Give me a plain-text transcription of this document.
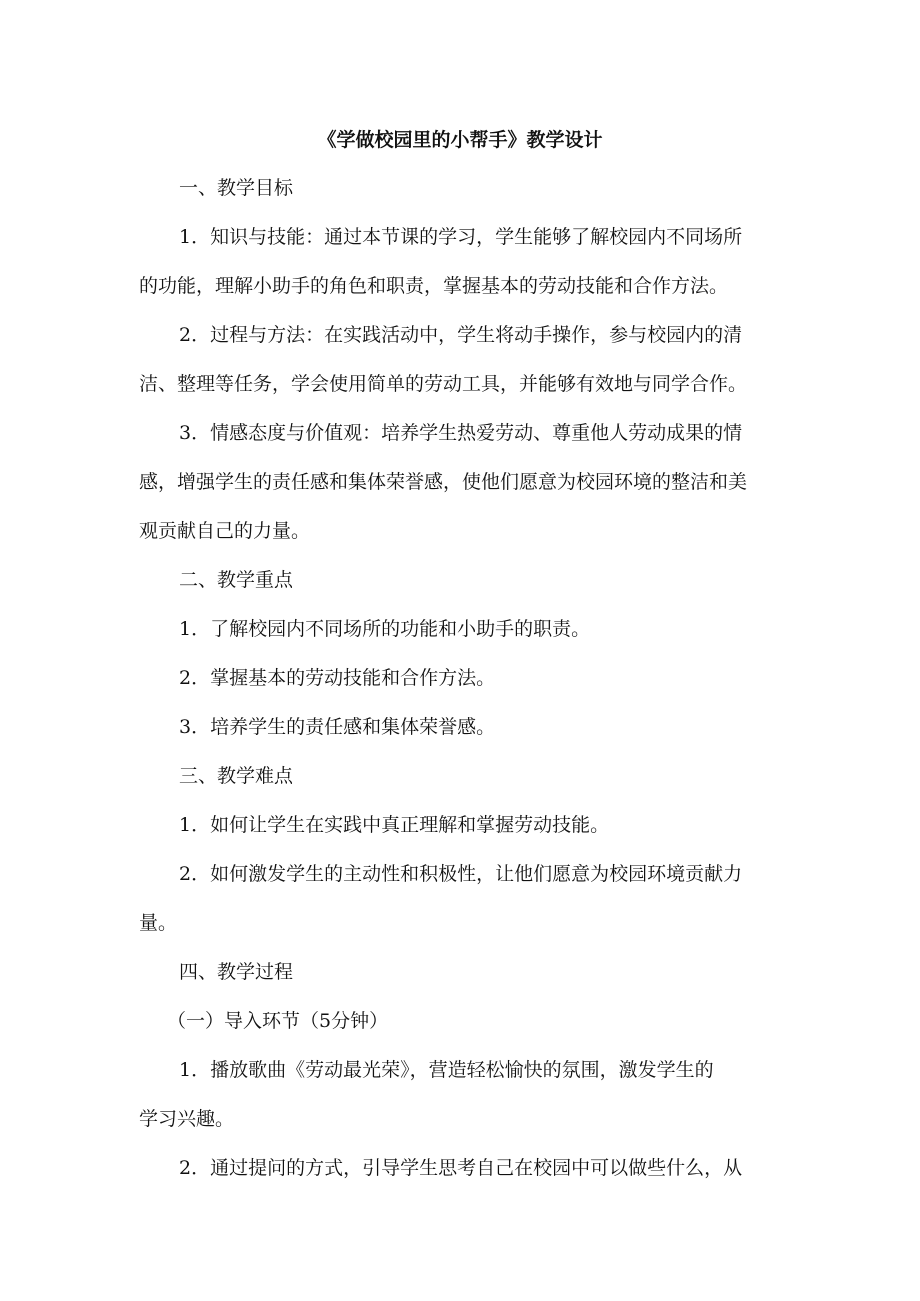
《学做校园里的小帮手》教学设计
一、教学目标
1．知识与技能：通过本节课的学习，学生能够了解校园内不同场所
的功能，理解小助手的角色和职责，掌握基本的劳动技能和合作方法。
2．过程与方法：在实践活动中，学生将动手操作，参与校园内的清
洁、整理等任务，学会使用简单的劳动工具，并能够有效地与同学合作。
3．情感态度与价值观：培养学生热爱劳动、尊重他人劳动成果的情
感，增强学生的责任感和集体荣誉感，使他们愿意为校园环境的整洁和美
观贡献自己的力量。
二、教学重点
1．了解校园内不同场所的功能和小助手的职责。
2．掌握基本的劳动技能和合作方法。
3．培养学生的责任感和集体荣誉感。
三、教学难点
1．如何让学生在实践中真正理解和掌握劳动技能。
2．如何激发学生的主动性和积极性，让他们愿意为校园环境贡献力
量。
四、教学过程
（一）导入环节（5分钟）
1．播放歌曲《劳动最光荣》，营造轻松愉快的氛围，激发学生的
学习兴趣。
2．通过提问的方式，引导学生思考自己在校园中可以做些什么，从
